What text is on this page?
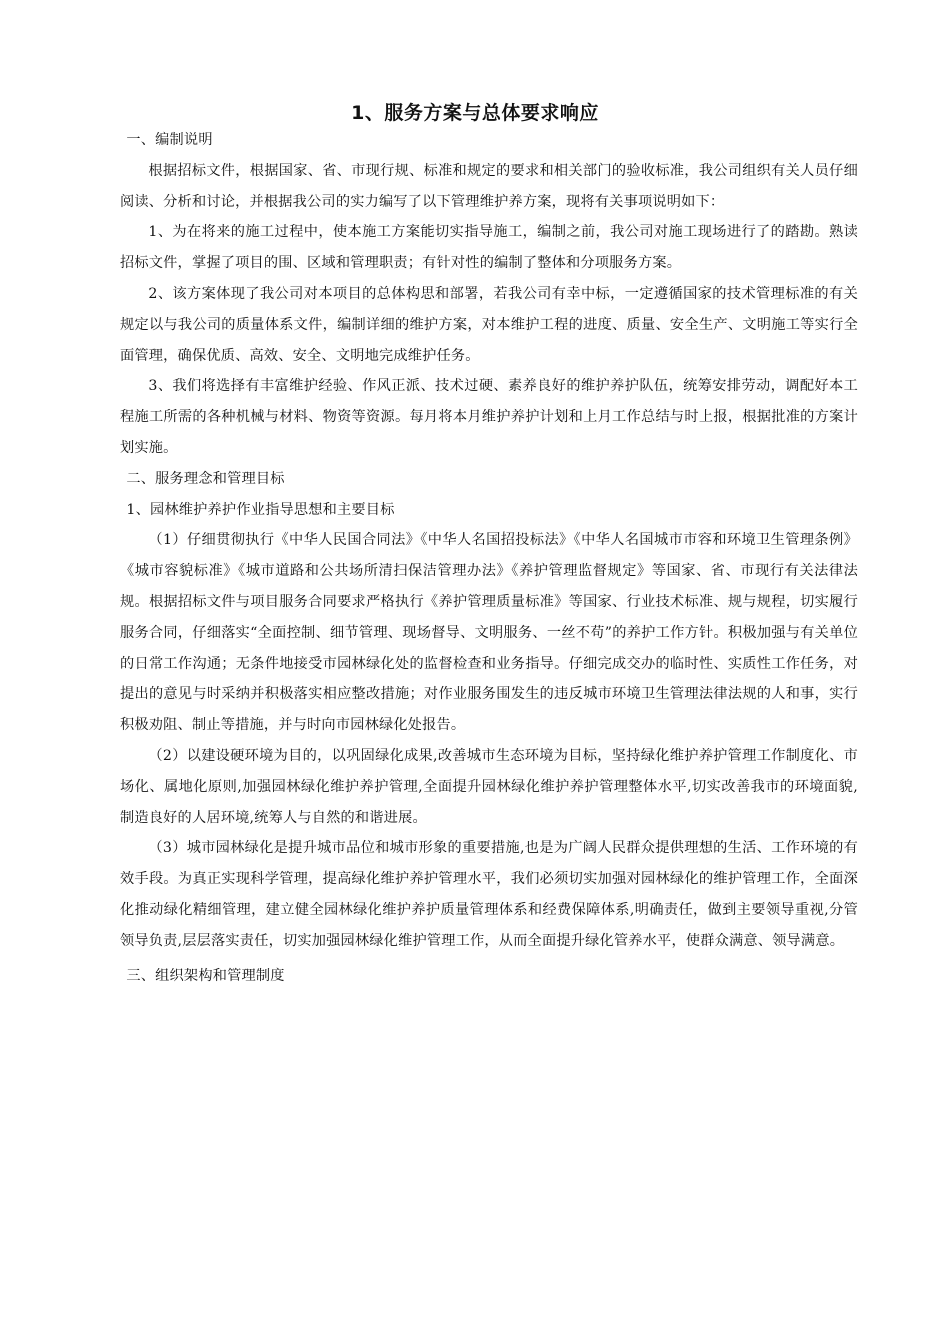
1、服务方案与总体要求响应

一、编制说明

根据招标文件，根据国家、省、市现行规、标准和规定的要求和相关部门的验收标准，我公司组织有关人员仔细阅读、分析和讨论，并根据我公司的实力编写了以下管理维护养方案，现将有关事项说明如下：

1、为在将来的施工过程中，使本施工方案能切实指导施工，编制之前，我公司对施工现场进行了的踏勘。熟读招标文件，掌握了项目的围、区域和管理职责；有针对性的编制了整体和分项服务方案。

2、该方案体现了我公司对本项目的总体构思和部署，若我公司有幸中标，一定遵循国家的技术管理标准的有关规定以与我公司的质量体系文件，编制详细的维护方案，对本维护工程的进度、质量、安全生产、文明施工等实行全面管理，确保优质、高效、安全、文明地完成维护任务。

3、我们将选择有丰富维护经验、作风正派、技术过硬、素养良好的维护养护队伍，统筹安排劳动，调配好本工程施工所需的各种机械与材料、物资等资源。每月将本月维护养护计划和上月工作总结与时上报，根据批准的方案计划实施。

二、服务理念和管理目标

1、园林维护养护作业指导思想和主要目标

（1）仔细贯彻执行《中华人民国合同法》《中华人名国招投标法》《中华人名国城市市容和环境卫生管理条例》《城市容貌标准》《城市道路和公共场所清扫保洁管理办法》《养护管理监督规定》等国家、省、市现行有关法律法规。根据招标文件与项目服务合同要求严格执行《养护管理质量标准》等国家、行业技术标准、规与规程，切实履行服务合同，仔细落实“全面控制、细节管理、现场督导、文明服务、一丝不苟”的养护工作方针。积极加强与有关单位的日常工作沟通；无条件地接受市园林绿化处的监督检查和业务指导。仔细完成交办的临时性、实质性工作任务，对提出的意见与时采纳并积极落实相应整改措施；对作业服务围发生的违反城市环境卫生管理法律法规的人和事，实行积极劝阻、制止等措施，并与时向市园林绿化处报告。

（2）以建设硬环境为目的，以巩固绿化成果,改善城市生态环境为目标，坚持绿化维护养护管理工作制度化、市场化、属地化原则,加强园林绿化维护养护管理,全面提升园林绿化维护养护管理整体水平,切实改善我市的环境面貌,制造良好的人居环境,统筹人与自然的和谐进展。

（3）城市园林绿化是提升城市品位和城市形象的重要措施,也是为广阔人民群众提供理想的生活、工作环境的有效手段。为真正实现科学管理，提高绿化维护养护管理水平，我们必须切实加强对园林绿化的维护管理工作，全面深化推动绿化精细管理，建立健全园林绿化维护养护质量管理体系和经费保障体系,明确责任，做到主要领导重视,分管领导负责,层层落实责任，切实加强园林绿化维护管理工作，从而全面提升绿化管养水平，使群众满意、领导满意。

三、组织架构和管理制度
